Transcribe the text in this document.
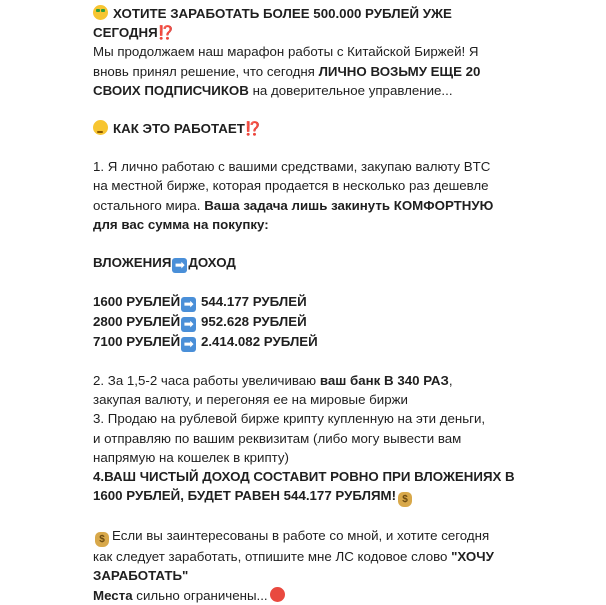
ХОТИТЕ ЗАРАБОТАТЬ БОЛЕЕ 500.000 РУБЛЕЙ УЖЕ
СЕГОДНЯ⁉️
Мы продолжаем наш марафон работы с Китайской Биржей! Я
вновь принял решение, что сегодня ЛИЧНО ВОЗЬМУ ЕЩЕ 20
СВОИХ ПОДПИСЧИКОВ на доверительное управление...
КАК ЭТО РАБОТАЕТ⁉️
1. Я лично работаю с вашими средствами, закупаю валюту BTC
на местной бирже, которая продается в несколько раз дешевле
остального мира. Ваша задача лишь закинуть КОМФОРТНУЮ
для вас сумма на покупку:
ВЛОЖЕНИЯ ➡ ДОХОД
1600 РУБЛЕЙ ➡ 544.177 РУБЛЕЙ
2800 РУБЛЕЙ ➡ 952.628 РУБЛЕЙ
7100 РУБЛЕЙ ➡ 2.414.082 РУБЛЕЙ
2. За 1,5-2 часа работы увеличиваю ваш банк В 340 РАЗ,
закупая валюту, и перегоняя ее на мировые биржи
3. Продаю на рублевой бирже крипту купленную на эти деньги,
и отправляю по вашим реквизитам (либо могу вывести вам
напрямую на кошелек в крипту)
4.ВАШ ЧИСТЫЙ ДОХОД СОСТАВИТ РОВНО ПРИ ВЛОЖЕНИЯХ В
1600 РУБЛЕЙ, БУДЕТ РАВЕН 544.177 РУБЛЯМ! $
$ Если вы заинтересованы в работе со мной, и хотите сегодня
как следует заработать, отпишите мне ЛС кодовое слово "ХОЧУ
ЗАРАБОТАТЬ"
Места сильно ограничены...
